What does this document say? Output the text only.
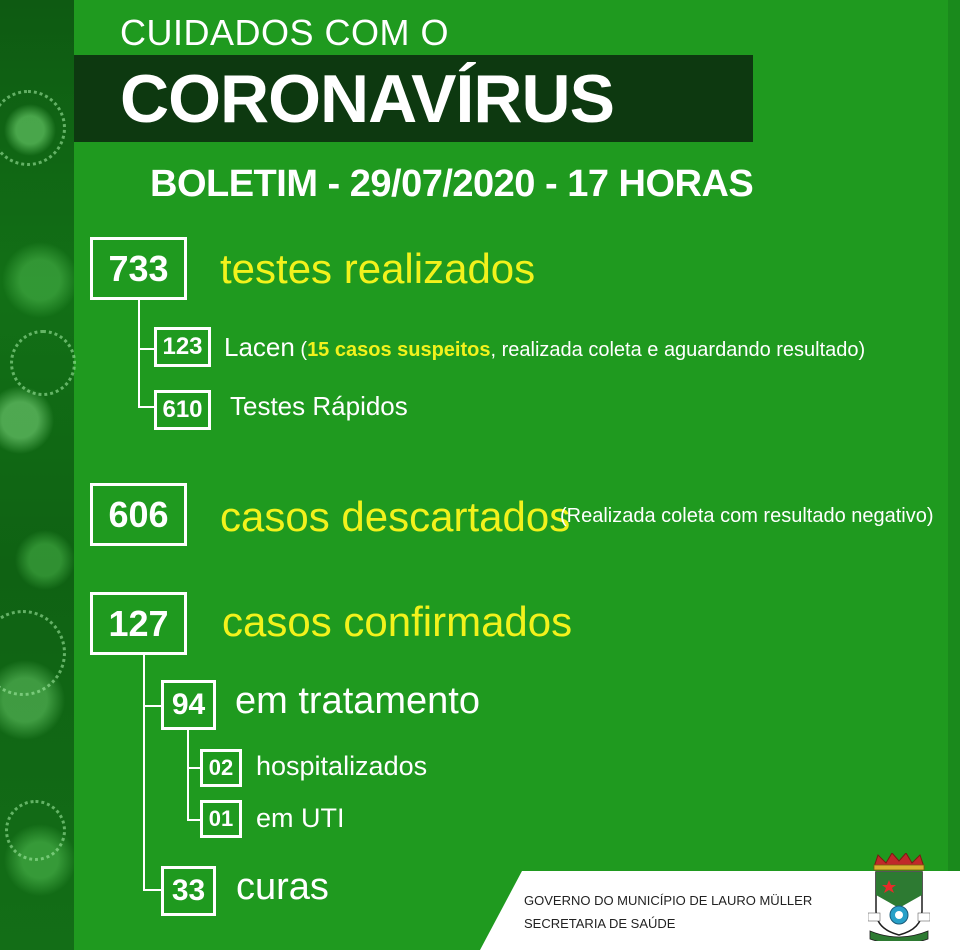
CUIDADOS COM O
CORONAVÍRUS
BOLETIM - 29/07/2020 - 17 HORAS
733	testes realizados
123 Lacen (15 casos suspeitos, realizada coleta e aguardando resultado)
610	Testes Rápidos
606	casos descartados
(Realizada coleta com resultado negativo)
127	casos confirmados
94 em tratamento
02 hospitalizados
01 em UTI
33 curas	GOVERNO DO MUNICÍPIO DE LAURO MÜLLER
SECRETARIA DE SAÚDE
